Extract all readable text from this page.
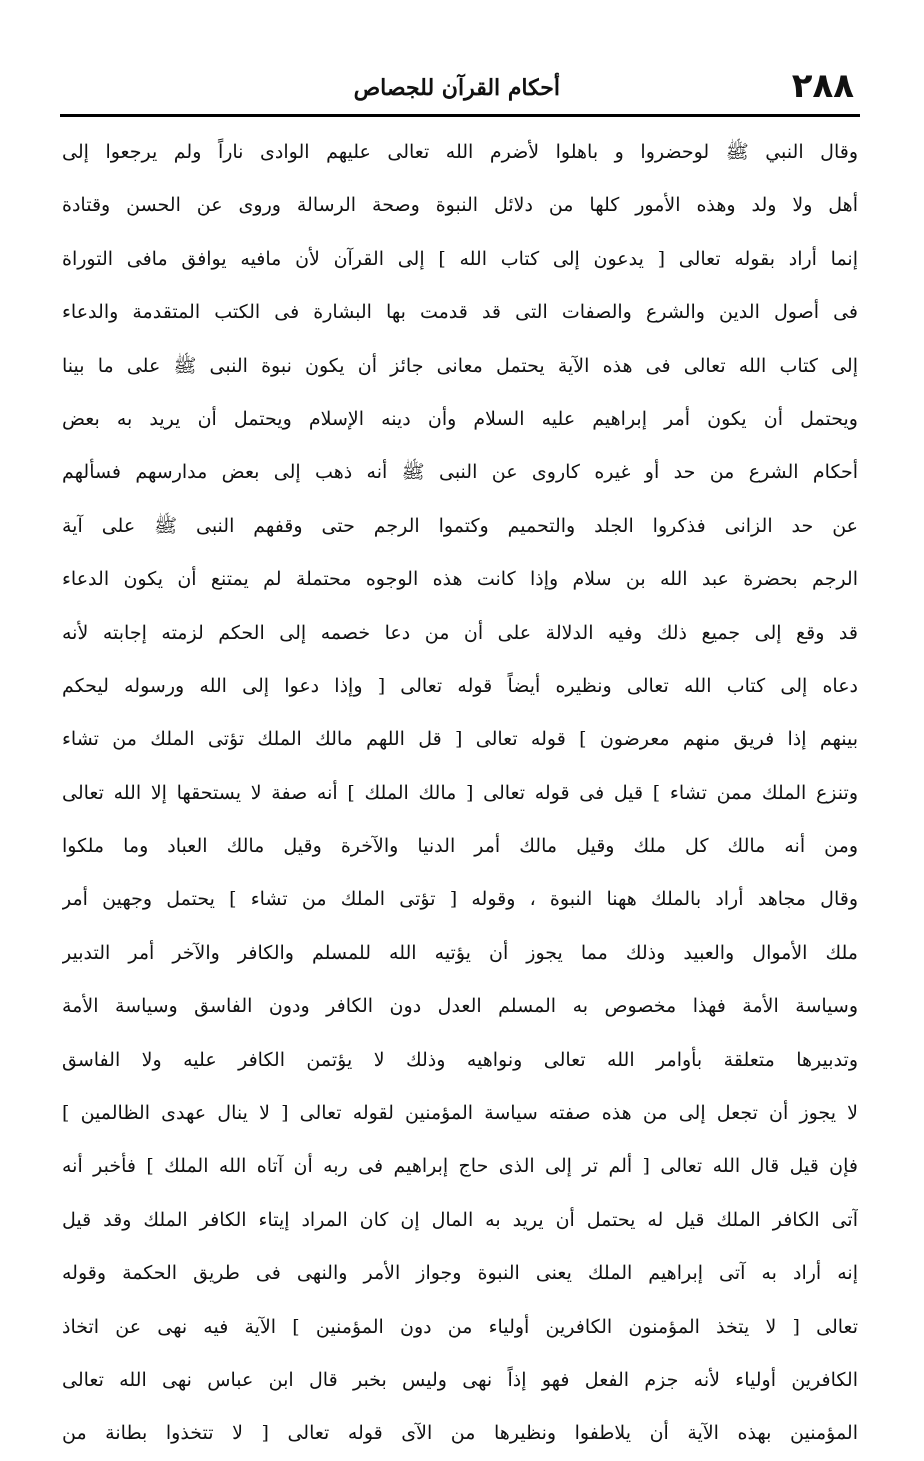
٢٨٨
أحكام القرآن للجصاص
وقال النبي ﷺ لوحضروا و باهلوا لأضرم الله تعالى عليهم الوادى ناراً ولم يرجعوا إلى
أهل ولا ولد وهذه الأمور كلها من دلائل النبوة وصحة الرسالة وروى عن الحسن وقتادة
إنما أراد بقوله تعالى [ يدعون إلى كتاب الله ] إلى القرآن لأن مافيه يوافق مافى التوراة
فى أصول الدين والشرع والصفات التى قد قدمت بها البشارة فى الكتب المتقدمة والدعاء
إلى كتاب الله تعالى فى هذه الآية يحتمل معانى جائز أن يكون نبوة النبى ﷺ على ما بينا
ويحتمل أن يكون أمر إبراهيم عليه السلام وأن دينه الإسلام ويحتمل أن يريد به بعض
أحكام الشرع من حد أو غيره كاروى عن النبى ﷺ أنه ذهب إلى بعض مدارسهم فسألهم
عن حد الزانى فذكروا الجلد والتحميم وكتموا الرجم حتى وقفهم النبى ﷺ على آية
الرجم بحضرة عبد الله بن سلام وإذا كانت هذه الوجوه محتملة لم يمتنع أن يكون الدعاء
قد وقع إلى جميع ذلك وفيه الدلالة على أن من دعا خصمه إلى الحكم لزمته إجابته لأنه
دعاه إلى كتاب الله تعالى ونظيره أيضاً قوله تعالى [ وإذا دعوا إلى الله ورسوله ليحكم
بينهم إذا فريق منهم معرضون ] قوله تعالى [ قل اللهم مالك الملك تؤتى الملك من تشاء
وتنزع الملك ممن تشاء ] قيل فى قوله تعالى [ مالك الملك ] أنه صفة لا يستحقها إلا الله تعالى
ومن أنه مالك كل ملك وقيل مالك أمر الدنيا والآخرة وقيل مالك العباد وما ملكوا
وقال مجاهد أراد بالملك ههنا النبوة ، وقوله [ تؤتى الملك من تشاء ] يحتمل وجهين أمر
ملك الأموال والعبيد وذلك مما يجوز أن يؤتيه الله للمسلم والكافر والآخر أمر التدبير
وسياسة الأمة فهذا مخصوص به المسلم العدل دون الكافر ودون الفاسق وسياسة الأمة
وتدبيرها متعلقة بأوامر الله تعالى ونواهيه وذلك لا يؤتمن الكافر عليه ولا الفاسق
لا يجوز أن تجعل إلى من هذه صفته سياسة المؤمنين لقوله تعالى [ لا ينال عهدى الظالمين ]
فإن قيل قال الله تعالى [ ألم تر إلى الذى حاج إبراهيم فى ربه أن آتاه الله الملك ] فأخبر أنه
آتى الكافر الملك قيل له يحتمل أن يريد به المال إن كان المراد إيتاء الكافر الملك وقد قيل
إنه أراد به آتى إبراهيم الملك يعنى النبوة وجواز الأمر والنهى فى طريق الحكمة وقوله
تعالى [ لا يتخذ المؤمنون الكافرين أولياء من دون المؤمنين ] الآية فيه نهى عن اتخاذ
الكافرين أولياء لأنه جزم الفعل فهو إذاً نهى وليس بخبر قال ابن عباس نهى الله تعالى
المؤمنين بهذه الآية أن يلاطفوا ونظيرها من الآى قوله تعالى [ لا تتخذوا بطانة من
